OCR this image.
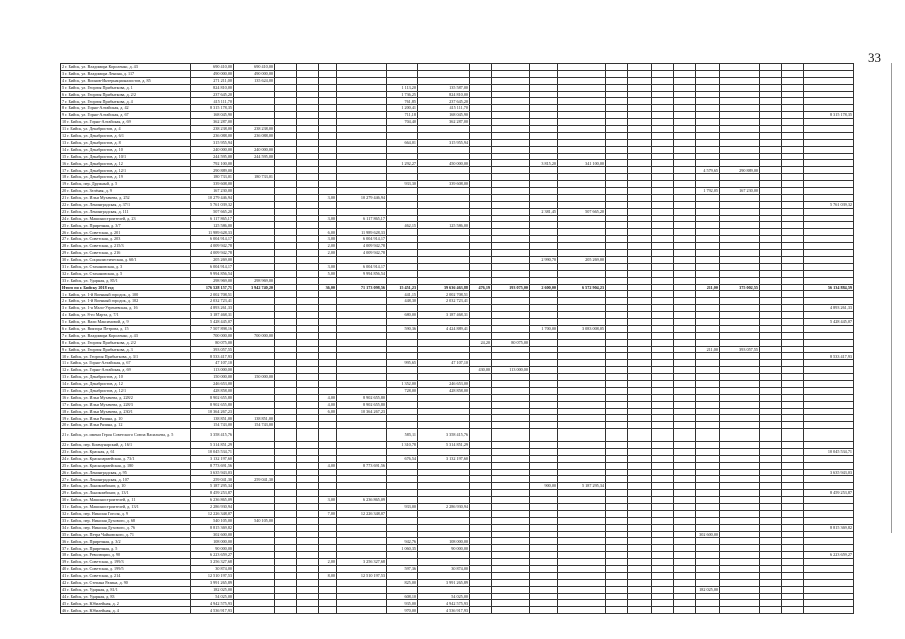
33
2 г. Бийск, ул. Владимира Короленко, д. 43	690 410,00	690 410,00																			
3 г. Бийск, ул. Владимира Ленина, д. 117	490 000,00	490 000,00																			
4 г. Бийск, ул. Воинов-Интернационалистов, д. 85	271 211,00	135 624,00																			
5 г. Бийск, ул. Георгия Прибыткова, д. 1	824 810,00						1 113,20	135 587,00													
6 г. Бийск, ул. Георгия Прибыткова, д. 2/2	237 645,20						1 736,25	824 810,00													
7 г. Бийск, ул. Георгия Прибыткова, д. 4	415 111,70						761,85	237 645,20													
8 г. Бийск, ул. Горно-Алтайская, д. 42	8 315 178,35						1 200,41	415 111,70													
9 г. Бийск, ул. Горно-Алтайская, д. 67	168 045,90						711,18	168 045,90													8 315 178,35
10 г. Бийск, ул. Горно-Алтайская, д. 69	362 287,00						704,40	362 287,00													
11 г. Бийск, ул. Декабристов, д. 4	238 238,00	238 238,00																			
12 г. Бийск, ул. Декабристов, д. 6/1	236 088,00	236 088,00																			
13 г. Бийск, ул. Декабристов, д. 8	315 955,94						664,01	315 955,94													
14 г. Бийск, ул. Декабристов, д. 10	240 000,00	240 000,00																			
15 г. Бийск, ул. Декабристов, д. 10/1	244 595,00	244 595,00																			
16 г. Бийск, ул. Декабристов, д. 12	792 100,00						1 292,27	450 000,00			3 815,20	341 100,00									
17 г. Бийск, ул. Декабристов, д. 12/1	290 889,00																4 579,65	290 889,00			
18 г. Бийск, ул. Декабристов, д. 19	180 733,01	180 733,01																			
19 г. Бийск, пер. Дружный, д. 5	339 608,00						933,30	339 608,00													
20 г. Бийск, ул. Зелёная, д. 9	167 230,00																1 792,05	167 230,00			
21 г. Бийск, ул. Ильи Мухачева, д. 252	10 279 446,94				3,00	10 279 446,94															
22 г. Бийск, ул. Ленинградская, д. 37/1	5 761 039,32																				5 761 039,32
23 г. Бийск, ул. Ленинградская, д. 111	507 665,20										2 381,45	507 665,20									
24 г. Бийск, ул. Машиностроителей, д. 23	6 117 865,17				3,00	6 117 865,17															
25 г. Бийск, ул. Приречная, д. 3/7	125 586,00						462,15	125 586,00													
26 г. Бийск, ул. Советская, д. 201	11 989 628,33				6,00	11 989 628,33															
27 г. Бийск, ул. Советская, д. 203	6 004 914,17				3,00	6 004 914,17															
28 г. Бийск, ул. Советская, д. 215/3	4 009 942,78				2,00	4 009 942,78															
29 г. Бийск, ул. Советская, д. 216	4 009 942,78				2,00	4 009 942,78															
30 г. Бийск, ул. Социалистическая, д. 60/1	205 269,00										2 990,70	205 269,00									
31 г. Бийск, ул. Стахановская, д. 3	6 004 914,17				3,00	6 004 914,17															
32 г. Бийск, ул. Стахановская, д. 5	9 994 856,54				5,00	9 994 856,54															
33 г. Бийск, ул. Ударная, д. 85/1	298 969,00	298 969,00																			
Итого по г. Бийску 2018 год	176 528 157,71	3 942 740,20			36,00	71 173 098,56	15 451,23	39 636 463,88	476,19	193 075,00	2 600,00	6 572 904,23					211,00	375 002,55			56 134 884,59
1 г. Бийск, ул. 1-й Военный городок, д. 100	2 002 708,51						441,15	2 002 708,51													
2 г. Бийск, ул. 1-й Военный городок, д. 102	2 032 723,41						448,30	2 032 723,41													
3 г. Бийск, ул. 1-я Мало-Угреневская, д. 16	4 893 261,33																				4 893 261,33
4 г. Бийск, ул. 8-го Марта, д. 7/1	3 187 468,31						680,00	3 187 468,31													
5 г. Бийск, ул. Вали Максимовой, д. 9	5 428 445,07																				5 428 445,07
6 г. Бийск, ул. Виктора Петрова, д. 15	7 507 898,16						590,36	4 424 889,41			1 700,00	3 083 008,05									
7 г. Бийск, ул. Владимира Короленко, д. 43	700 000,00	700 000,00																			
8 г. Бийск, ул. Георгия Прибыткова, д. 2/2	80 075,00								24,20	80 075,00											
9 г. Бийск, ул. Георгия Прибыткова, д. 3	393 057,55																211,00	393 057,55			
10 г. Бийск, ул. Георгия Прибыткова, д. 3/1	8 533 417,93																				8 533 417,93
11 г. Бийск, ул. Горно-Алтайская, д. 67	47 107,10						995,65	47 107,10													
12 г. Бийск, ул. Горно-Алтайская, д. 69	113 000,00								430,00	113 000,00											
13 г. Бийск, ул. Декабристов, д. 10	150 000,00	150 000,00																			
14 г. Бийск, ул. Декабристов, д. 12	246 653,00						1 352,00	246 653,00													
15 г. Бийск, ул. Декабристов, д. 12/1	428 858,00						728,00	428 858,00													
16 г. Бийск, ул. Ильи Мухачева, д. 228/2	8 902 655,80				4,00	8 902 655,80															
17 г. Бийск, ул. Ильи Мухачева, д. 228/3	8 902 655,80				4,00	8 902 655,80															
18 г. Бийск, ул. Ильи Мухачева, д. 230/1	10 364 267,23				6,00	10 364 267,23															
19 г. Бийск, ул. Ильи Рязина, д. 10	138 851,00	138 851,00																			
20 г. Бийск, ул. Ильи Рязина, д. 12	154 743,00	154 743,00																			
21 г. Бийск, ул. имени Героя Советского Союза Васильева, д. 5	3 358 415,76						585,11	3 358 415,76													
22 г. Бийск, пер. Коммунарский, д. 16/1	5 314 851,29						1 310,78	5 314 851,29													
23 г. Бийск, ул. Красная, д. 61	10 045 534,71																				10 045 534,71
24 г. Бийск, ул. Красноармейская, д. 73/1	3 132 197,60						676,54	3 132 197,60													
25 г. Бийск, ул. Красноармейская, д. 180	8 773 691,56				4,00	8 773 691,56															
26 г. Бийск, ул. Ленинградская, д. 95	3 635 943,03																				3 635 943,03
27 г. Бийск, ул. Ленинградская, д. 107	259 041,30	259 041,30																			
28 г. Бийск, ул. Льнокомбинат, д. 10	5 187 295,34										900,00	5 187 295,34									
29 г. Бийск, ул. Льнокомбинат, д. 13/1	8 459 253,87																				8 459 253,87
30 г. Бийск, ул. Машиностроителей, д. 11	6 236 865,09				3,00	6 236 865,09															
31 г. Бийск, ул. Машиностроителей, д. 13/1	2 286 930,94						933,00	2 286 930,94													
32 г. Бийск, пер. Николая Гоголя, д. 9	12 226 348,07				7,00	12 226 348,07															
33 г. Бийск, пер. Николая Духового, д. 68	540 105,00	540 105,00																			
34 г. Бийск, пер. Николая Духового, д. 76	8 815 369,82																				8 815 369,82
35 г. Бийск, ул. Петра Чайковского, д. 71	302 600,00																302 600,00				
36 г. Бийск, ул. Приречная, д. 3/2	108 000,00						942,76	108 000,00													
37 г. Бийск, ул. Приречная, д. 5	90 000,00						1 060,35	90 000,00													
38 г. Бийск, ул. Революции, д. 90	6 223 659,27																				6 223 659,27
39 г. Бийск, ул. Советская, д. 199/3	3 256 327,68				2,00	3 256 327,68															
40 г. Бийск, ул. Советская, д. 199/5	30 874,00						597,36	30 874,00													
41 г. Бийск, ул. Советская, д. 214	12 510 197,53				8,00	12 510 197,53															
42 г. Бийск, ул. Степана Разина, д. 90	3 991 265,89						825,00	3 991 265,89													
43 г. Бийск, ул. Ударная, д. 81/1	182 025,00																182 025,00				
44 г. Бийск, ул. Ударная, д. 83	54 025,00						608,10	54 025,00													
45 г. Бийск, ул. Юбилейная, д. 2	4 942 575,93						935,00	4 942 575,93													
46 г. Бийск, ул. Юбилейная, д. 4	4 536 917,93						970,00	4 536 917,93													
